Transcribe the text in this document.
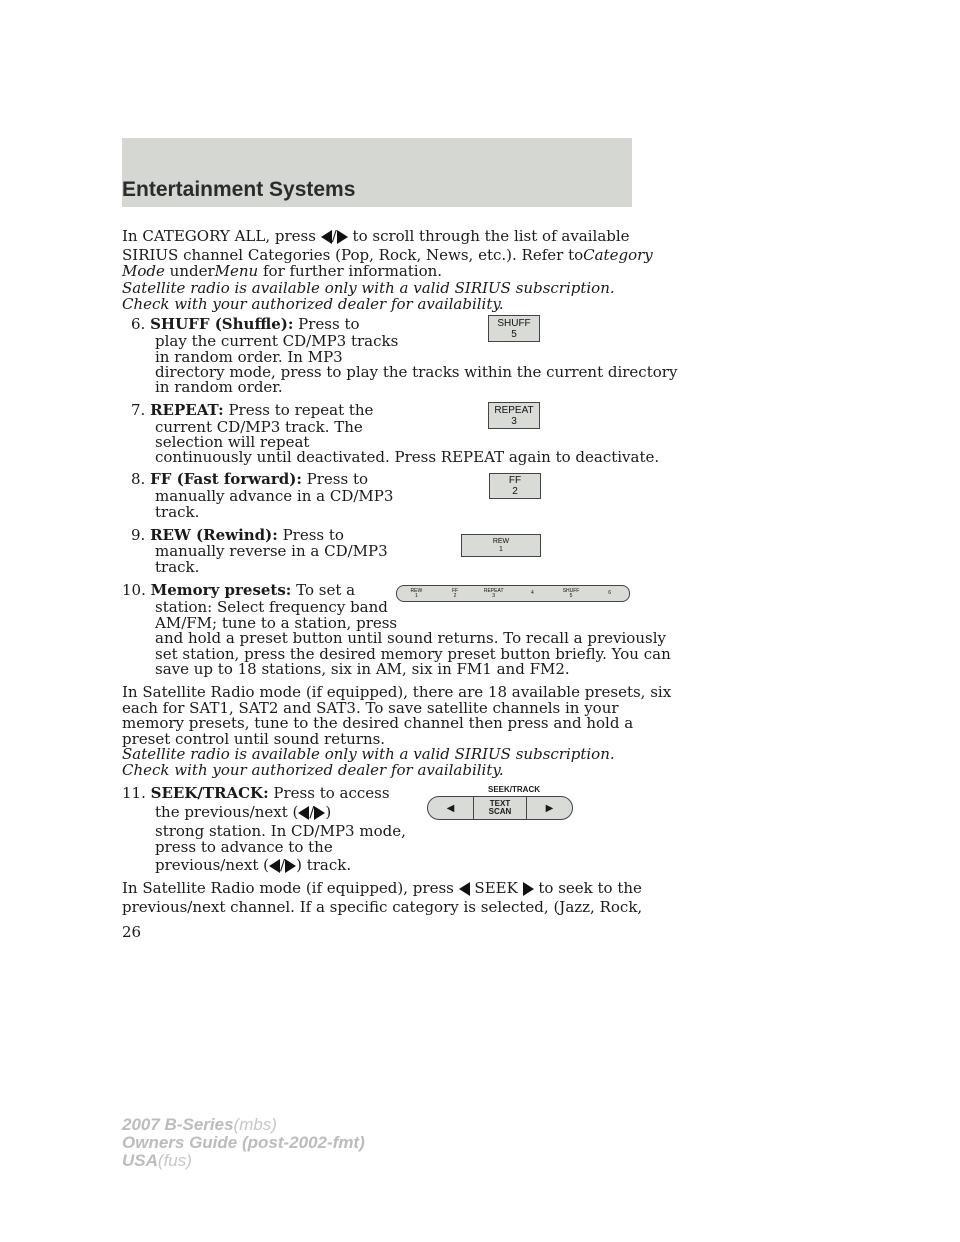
Entertainment Systems
In CATEGORY ALL, press / to scroll through the list of available
SIRIUS channel Categories (Pop, Rock, News, etc.). Refer toCategory
Mode underMenu for further information.
Satellite radio is available only with a valid SIRIUS subscription.
Check with your authorized dealer for availability.
6. SHUFF (Shuffle): Press to
play the current CD/MP3 tracks
in random order. In MP3
directory mode, press to play the tracks within the current directory
in random order.
SHUFF
5
7. REPEAT: Press to repeat the
current CD/MP3 track. The
selection will repeat
continuously until deactivated. Press REPEAT again to deactivate.
REPEAT
3
8. FF (Fast forward): Press to
manually advance in a CD/MP3
track.
FF
2
9. REW (Rewind): Press to
manually reverse in a CD/MP3
track.
REW
1
10. Memory presets: To set a
station: Select frequency band
AM/FM; tune to a station, press
and hold a preset button until sound returns. To recall a previously
set station, press the desired memory preset button briefly. You can
save up to 18 stations, six in AM, six in FM1 and FM2.
REW
1
FF
2
REPEAT
3	4	SHUFF
5	6
In Satellite Radio mode (if equipped), there are 18 available presets, six
each for SAT1, SAT2 and SAT3. To save satellite channels in your
memory presets, tune to the desired channel then press and hold a
preset control until sound returns.
Satellite radio is available only with a valid SIRIUS subscription.
Check with your authorized dealer for availability.
11. SEEK/TRACK: Press to access
the previous/next ( / )
strong station. In CD/MP3 mode,
press to advance to the
previous/next ( / ) track.
SEEK/TRACK
◀	TEXT
SCAN	▶
In Satellite Radio mode (if equipped), press SEEK to seek to the
previous/next channel. If a specific category is selected, (Jazz, Rock,
26
2007 B-Series(mbs)
Owners Guide (post-2002-fmt)
USA(fus)
